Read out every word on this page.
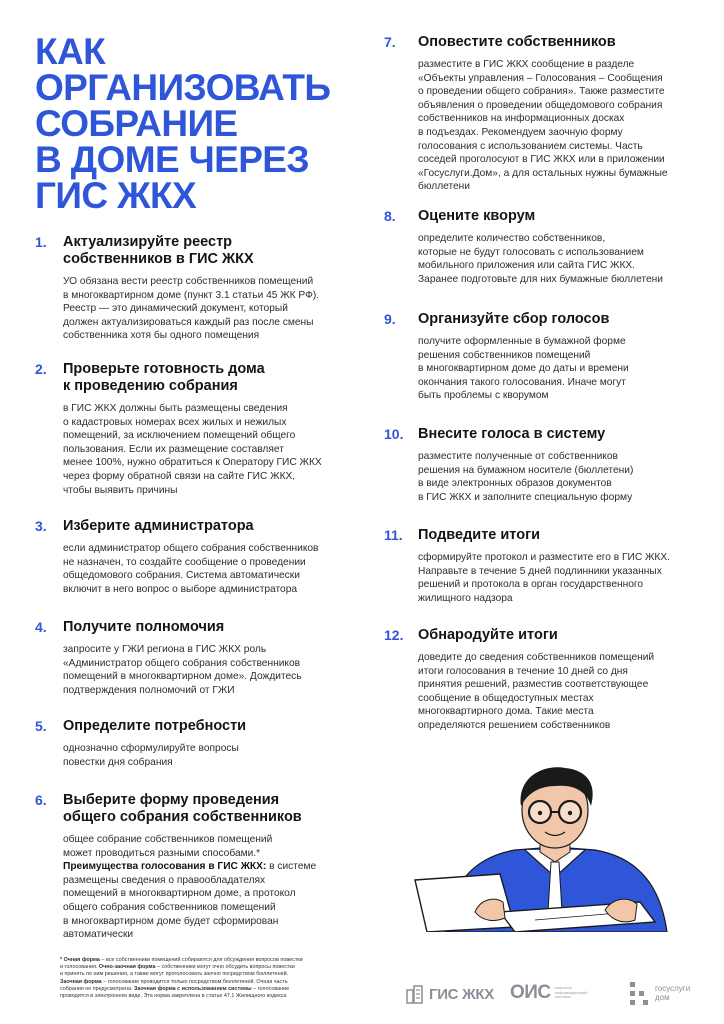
КАК
ОРГАНИЗОВАТЬ
СОБРАНИЕ
В ДОМЕ ЧЕРЕЗ
ГИС ЖКХ
1.	Актуализируйте реестр
собственников в ГИС ЖКХ
УО обязана вести реестр собственников помещений
в многоквартирном доме (пункт 3.1 статьи 45 ЖК РФ).
Реестр — это динамический документ, который
должен актуализироваться каждый раз после смены
собственника хотя бы одного помещения
2.	Проверьте готовность дома
к проведению собрания
в ГИС ЖКХ должны быть размещены сведения
о кадастровых номерах всех жилых и нежилых
помещений, за исключением помещений общего
пользования. Если их размещение составляет
менее 100%, нужно обратиться к Оператору ГИС ЖКХ
через форму обратной связи на сайте ГИС ЖКХ,
чтобы выявить причины
3.	Изберите администратора
если администратор общего собрания собственников
не назначен, то создайте сообщение о проведении
общедомового собрания. Система автоматически
включит в него вопрос о выборе администратора
4.	Получите полномочия
запросите у ГЖИ региона в ГИС ЖКХ роль
«Администратор общего собрания собственников
помещений в многоквартирном доме». Дождитесь
подтверждения полномочий от ГЖИ
5.	Определите потребности
однозначно сформулируйте вопросы
повестки дня собрания
6.	Выберите форму проведения
общего собрания собственников
общее собрание собственников помещений
может проводиться разными способами.*
Преимущества голосования в ГИС ЖКХ: в системе
размещены сведения о правообладателях
помещений в многоквартирном доме, а протокол
общего собрания собственников помещений
в многоквартирном доме будет сформирован
автоматически
7.	Оповестите собственников
разместите в ГИС ЖКХ сообщение в разделе
«Объекты управления – Голосования – Сообщения
о проведении общего собрания». Также разместите
объявления о проведении общедомового собрания
собственников на информационных досках
в подъездах. Рекомендуем заочную форму
голосования с использованием системы. Часть
соседей проголосуют в ГИС ЖКХ или в приложении
«Госуслуги.Дом», а для остальных нужны бумажные
бюллетени
8.	Оцените кворум
определите количество собственников,
которые не будут голосовать с использованием
мобильного приложения или сайта ГИС ЖКХ.
Заранее подготовьте для них бумажные бюллетени
9.	Организуйте сбор голосов
получите оформленные в бумажной форме
решения собственников помещений
в многоквартирном доме до даты и времени
окончания такого голосования. Иначе могут
быть проблемы с кворумом
10.	Внесите голоса в систему
разместите полученные от собственников
решения на бумажном носителе (бюллетени)
в виде электронных образов документов
в ГИС ЖКХ и заполните специальную форму
11.	Подведите итоги
сформируйте протокол и разместите его в ГИС ЖКХ.
Направьте в течение 5 дней подлинники указанных
решений и протокола в орган государственного
жилищного надзора
12.	Обнародуйте итоги
доведите до сведения собственников помещений
итоги голосования в течение 10 дней со дня
принятия решений, разместив соответствующее
сообщение в общедоступных местах
многоквартирного дома. Такие места
определяются решением собственников
* Очная форма – все собственники помещений собираются для обсуждения вопросов повестки
и голосования. Очно-заочная форма – собственники могут очно обсудить вопросы повестки
и принять по ним решения, а также могут проголосовать заочно посредством бюллетеней.
Заочная форма – голосование проводится только посредством бюллетеней. Очная часть
собрания не предусмотрена. Заочная форма с использованием системы – голосование
проводится в электронном виде. Эта норма закреплена в статье 47.1 Жилищного кодекса	ГИС ЖКХ ОИС оператор информационной системы
госуслуги
дом
